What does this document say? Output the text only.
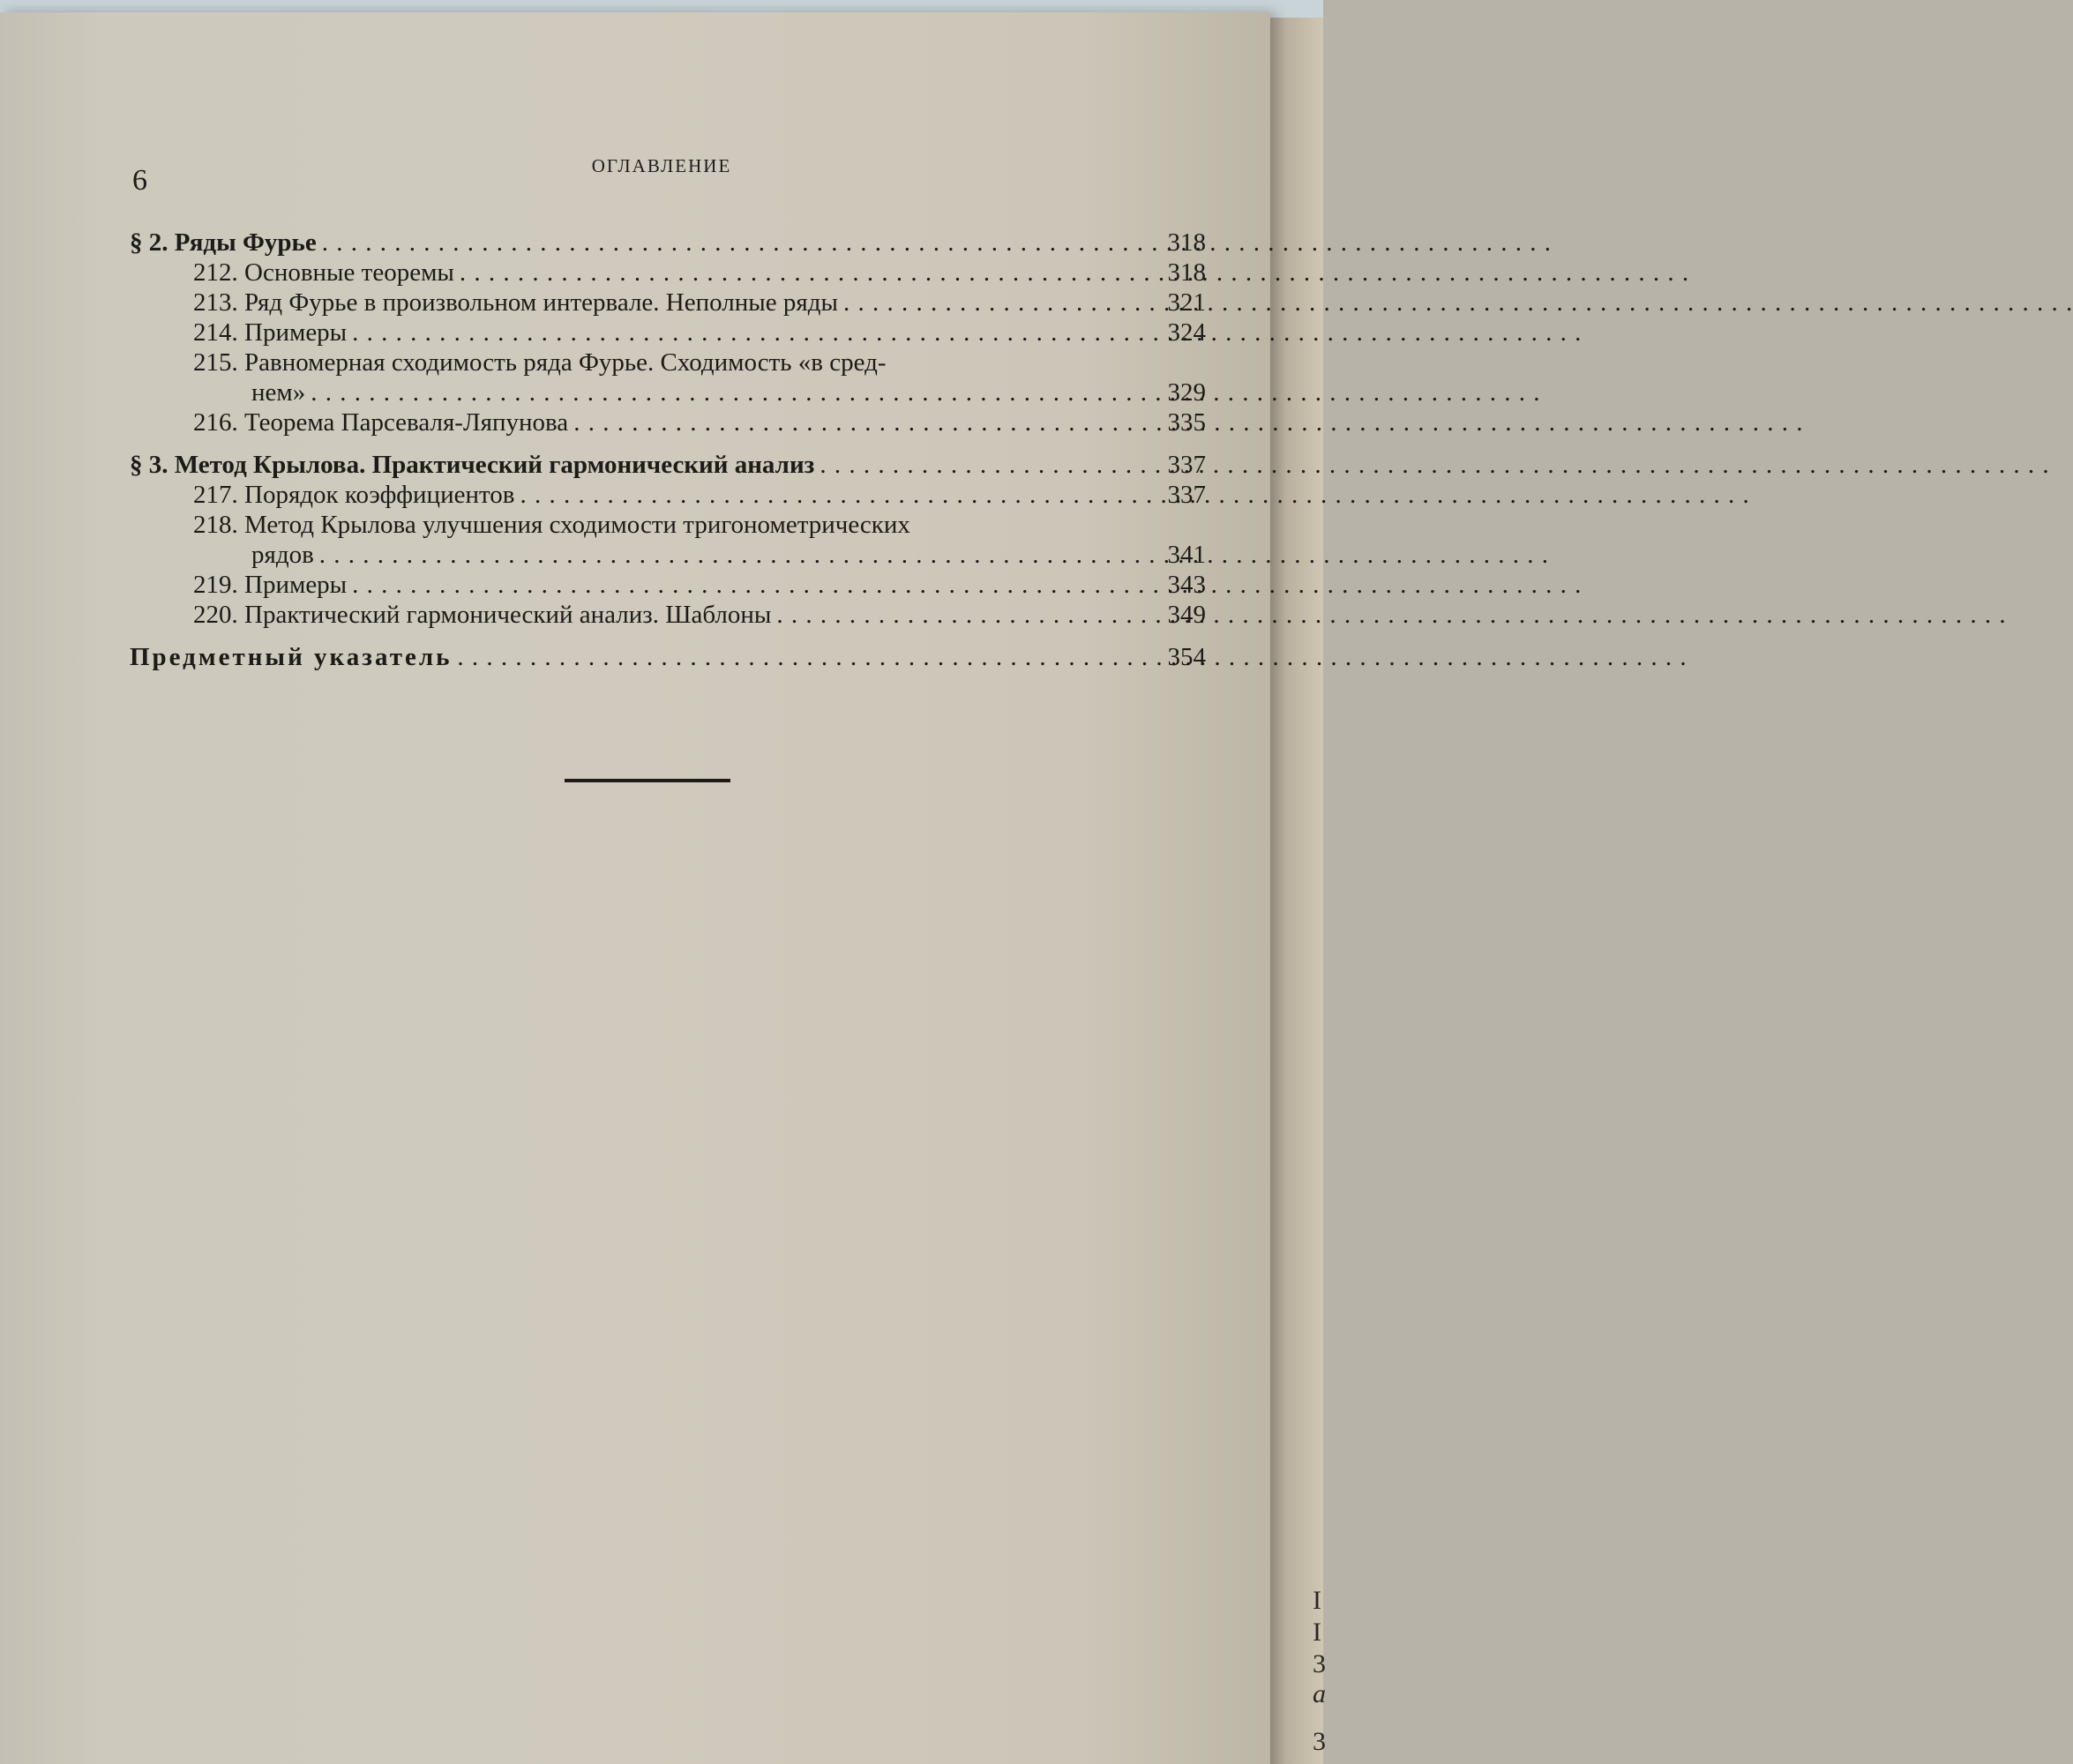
I
I
3
a
3
6	ОГЛАВЛЕНИЕ
§ 2. Ряды Фурье . . .	318
212. Основные теоремы . . .	318
213. Ряд Фурье в произвольном интервале. Неполные ряды . . .	321
214. Примеры . . .	324
215. Равномерная сходимость ряда Фурье. Сходимость «в сред-
нем» . . .	329
216. Теорема Парсеваля-Ляпунова . . .	335
§ 3. Метод Крылова. Практический гармонический анализ . . .	337
217. Порядок коэффициентов . . .	337
218. Метод Крылова улучшения сходимости тригонометрических
рядов . . .	341
219. Примеры . . .	343
220. Практический гармонический анализ. Шаблоны . . .	349
Предметный указатель . . .	354
